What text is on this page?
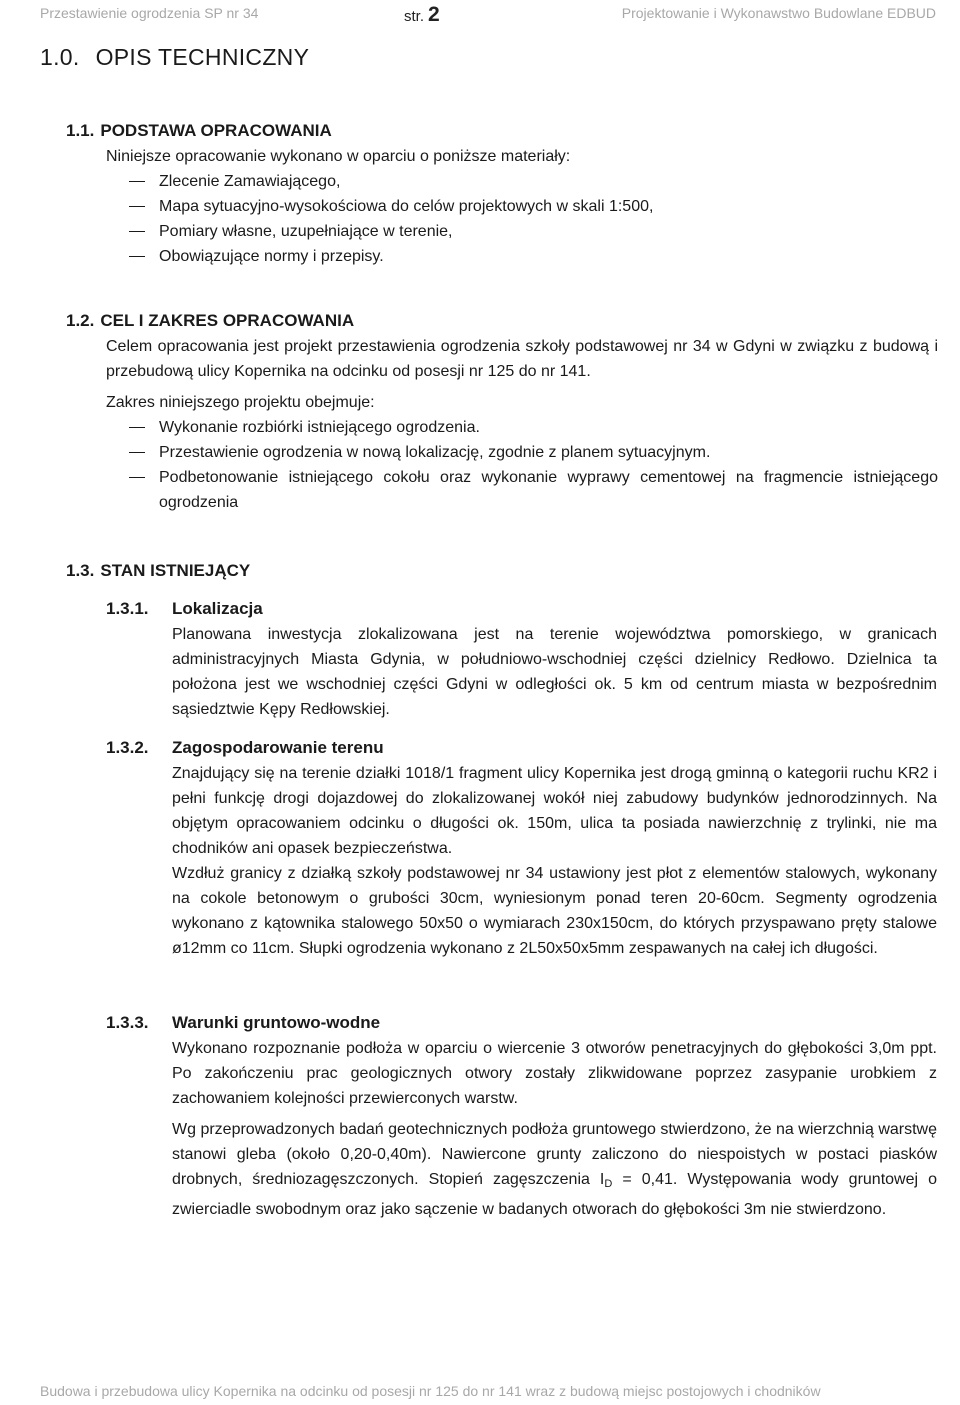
Przestawienie ogrodzenia SP nr 34	str. 2	Projektowanie i Wykonawstwo Budowlane EDBUD
1.0. OPIS TECHNICZNY
1.1. PODSTAWA OPRACOWANIA
Niniejsze opracowanie wykonano w oparciu o poniższe materiały:
Zlecenie Zamawiającego,
Mapa sytuacyjno-wysokościowa do celów projektowych w skali 1:500,
Pomiary własne, uzupełniające w terenie,
Obowiązujące normy i przepisy.
1.2. CEL I ZAKRES OPRACOWANIA
Celem opracowania jest projekt przestawienia ogrodzenia szkoły podstawowej nr 34 w Gdyni w związku z budową i przebudową ulicy Kopernika na odcinku od posesji nr 125 do nr 141.
Zakres niniejszego projektu obejmuje:
Wykonanie rozbiórki istniejącego ogrodzenia.
Przestawienie ogrodzenia w nową lokalizację, zgodnie z planem sytuacyjnym.
Podbetonowanie istniejącego cokołu oraz wykonanie wyprawy cementowej na fragmencie istniejącego ogrodzenia
1.3. STAN ISTNIEJĄCY
1.3.1. Lokalizacja
Planowana inwestycja zlokalizowana jest na terenie województwa pomorskiego, w granicach administracyjnych Miasta Gdynia, w południowo-wschodniej części dzielnicy Redłowo. Dzielnica ta położona jest we wschodniej części Gdyni w odległości ok. 5 km od centrum miasta w bezpośrednim sąsiedztwie Kępy Redłowskiej.
1.3.2. Zagospodarowanie terenu
Znajdujący się na terenie działki 1018/1 fragment ulicy Kopernika jest drogą gminną o kategorii ruchu KR2 i pełni funkcję drogi dojazdowej do zlokalizowanej wokół niej zabudowy budynków jednorodzinnych. Na objętym opracowaniem odcinku o długości ok. 150m, ulica ta posiada nawierzchnię z trylinki, nie ma chodników ani opasek bezpieczeństwa.
Wzdłuż granicy z działką szkoły podstawowej nr 34 ustawiony jest płot z elementów stalowych, wykonany na cokole betonowym o grubości 30cm, wyniesionym ponad teren 20-60cm. Segmenty ogrodzenia wykonano z kątownika stalowego 50x50 o wymiarach 230x150cm, do których przyspawano pręty stalowe ø12mm co 11cm. Słupki ogrodzenia wykonano z 2L50x50x5mm zespawanych na całej ich długości.
1.3.3. Warunki gruntowo-wodne
Wykonano rozpoznanie podłoża w oparciu o wiercenie 3 otworów penetracyjnych do głębokości 3,0m ppt. Po zakończeniu prac geologicznych otwory zostały zlikwidowane poprzez zasypanie urobkiem z zachowaniem kolejności przewierconych warstw.
Wg przeprowadzonych badań geotechnicznych podłoża gruntowego stwierdzono, że na wierzchnią warstwę stanowi gleba (około 0,20-0,40m). Nawiercone grunty zaliczono do niespoistych w postaci piasków drobnych, średniozagęszczonych. Stopień zagęszczenia $I_D = 0,41$. Występowania wody gruntowej o zwierciadle swobodnym oraz jako sączenie w badanych otworach do głębokości 3m nie stwierdzono.
Budowa i przebudowa ulicy Kopernika na odcinku od posesji nr 125 do nr 141 wraz z budową miejsc postojowych i chodników
